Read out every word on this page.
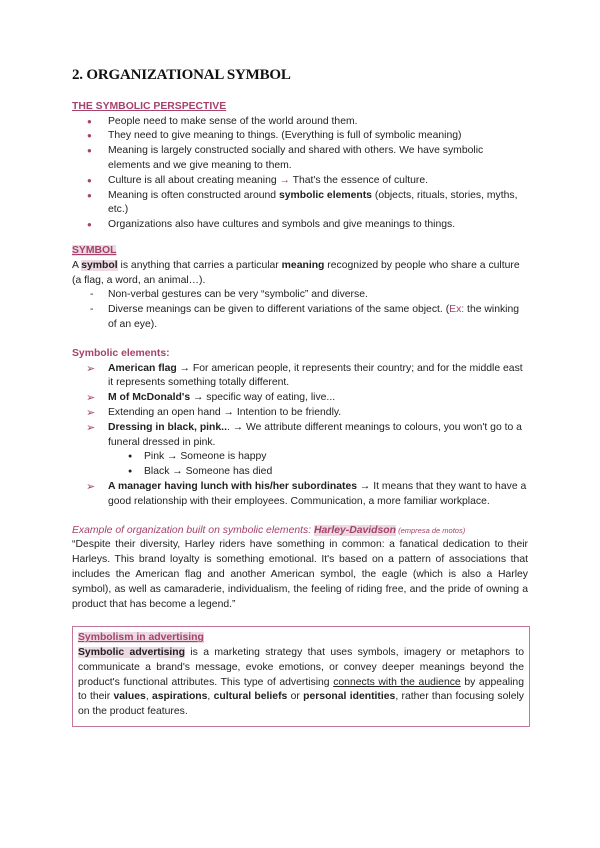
2. ORGANIZATIONAL SYMBOL

THE SYMBOLIC PERSPECTIVE

● People need to make sense of the world around them.
● They need to give meaning to things. (Everything is full of symbolic meaning)
● Meaning is largely constructed socially and shared with others. We have symbolic elements and we give meaning to them.
● Culture is all about creating meaning → That's the essence of culture.
● Meaning is often constructed around symbolic elements (objects, rituals, stories, myths, etc.)
● Organizations also have cultures and symbols and give meanings to things.

SYMBOL

A symbol is anything that carries a particular meaning recognized by people who share a culture (a flag, a word, an animal…).

- Non-verbal gestures can be very “symbolic” and diverse.
- Diverse meanings can be given to different variations of the same object. (Ex: the winking of an eye).

Symbolic elements:

➢ American flag → For american people, it represents their country; and for the middle east it represents something totally different.
➢ M of McDonald's → specific way of eating, live...
➢ Extending an open hand → Intention to be friendly.
➢ Dressing in black, pink... → We attribute different meanings to colours, you won't go to a funeral dressed in pink.
● Pink → Someone is happy
● Black → Someone has died
➢ A manager having lunch with his/her subordinates → It means that they want to have a good relationship with their employees. Communication, a more familiar workplace.

Example of organization built on symbolic elements: Harley-Davidson (empresa de motos)

“Despite their diversity, Harley riders have something in common: a fanatical dedication to their Harleys. This brand loyalty is something emotional. It's based on a pattern of associations that includes the American flag and another American symbol, the eagle (which is also a Harley symbol), as well as camaraderie, individualism, the feeling of riding free, and the pride of owning a product that has become a legend.”

Symbolism in advertising

Symbolic advertising is a marketing strategy that uses symbols, imagery or metaphors to communicate a brand's message, evoke emotions, or convey deeper meanings beyond the product's functional attributes. This type of advertising connects with the audience by appealing to their values, aspirations, cultural beliefs or personal identities, rather than focusing solely on the product features.
